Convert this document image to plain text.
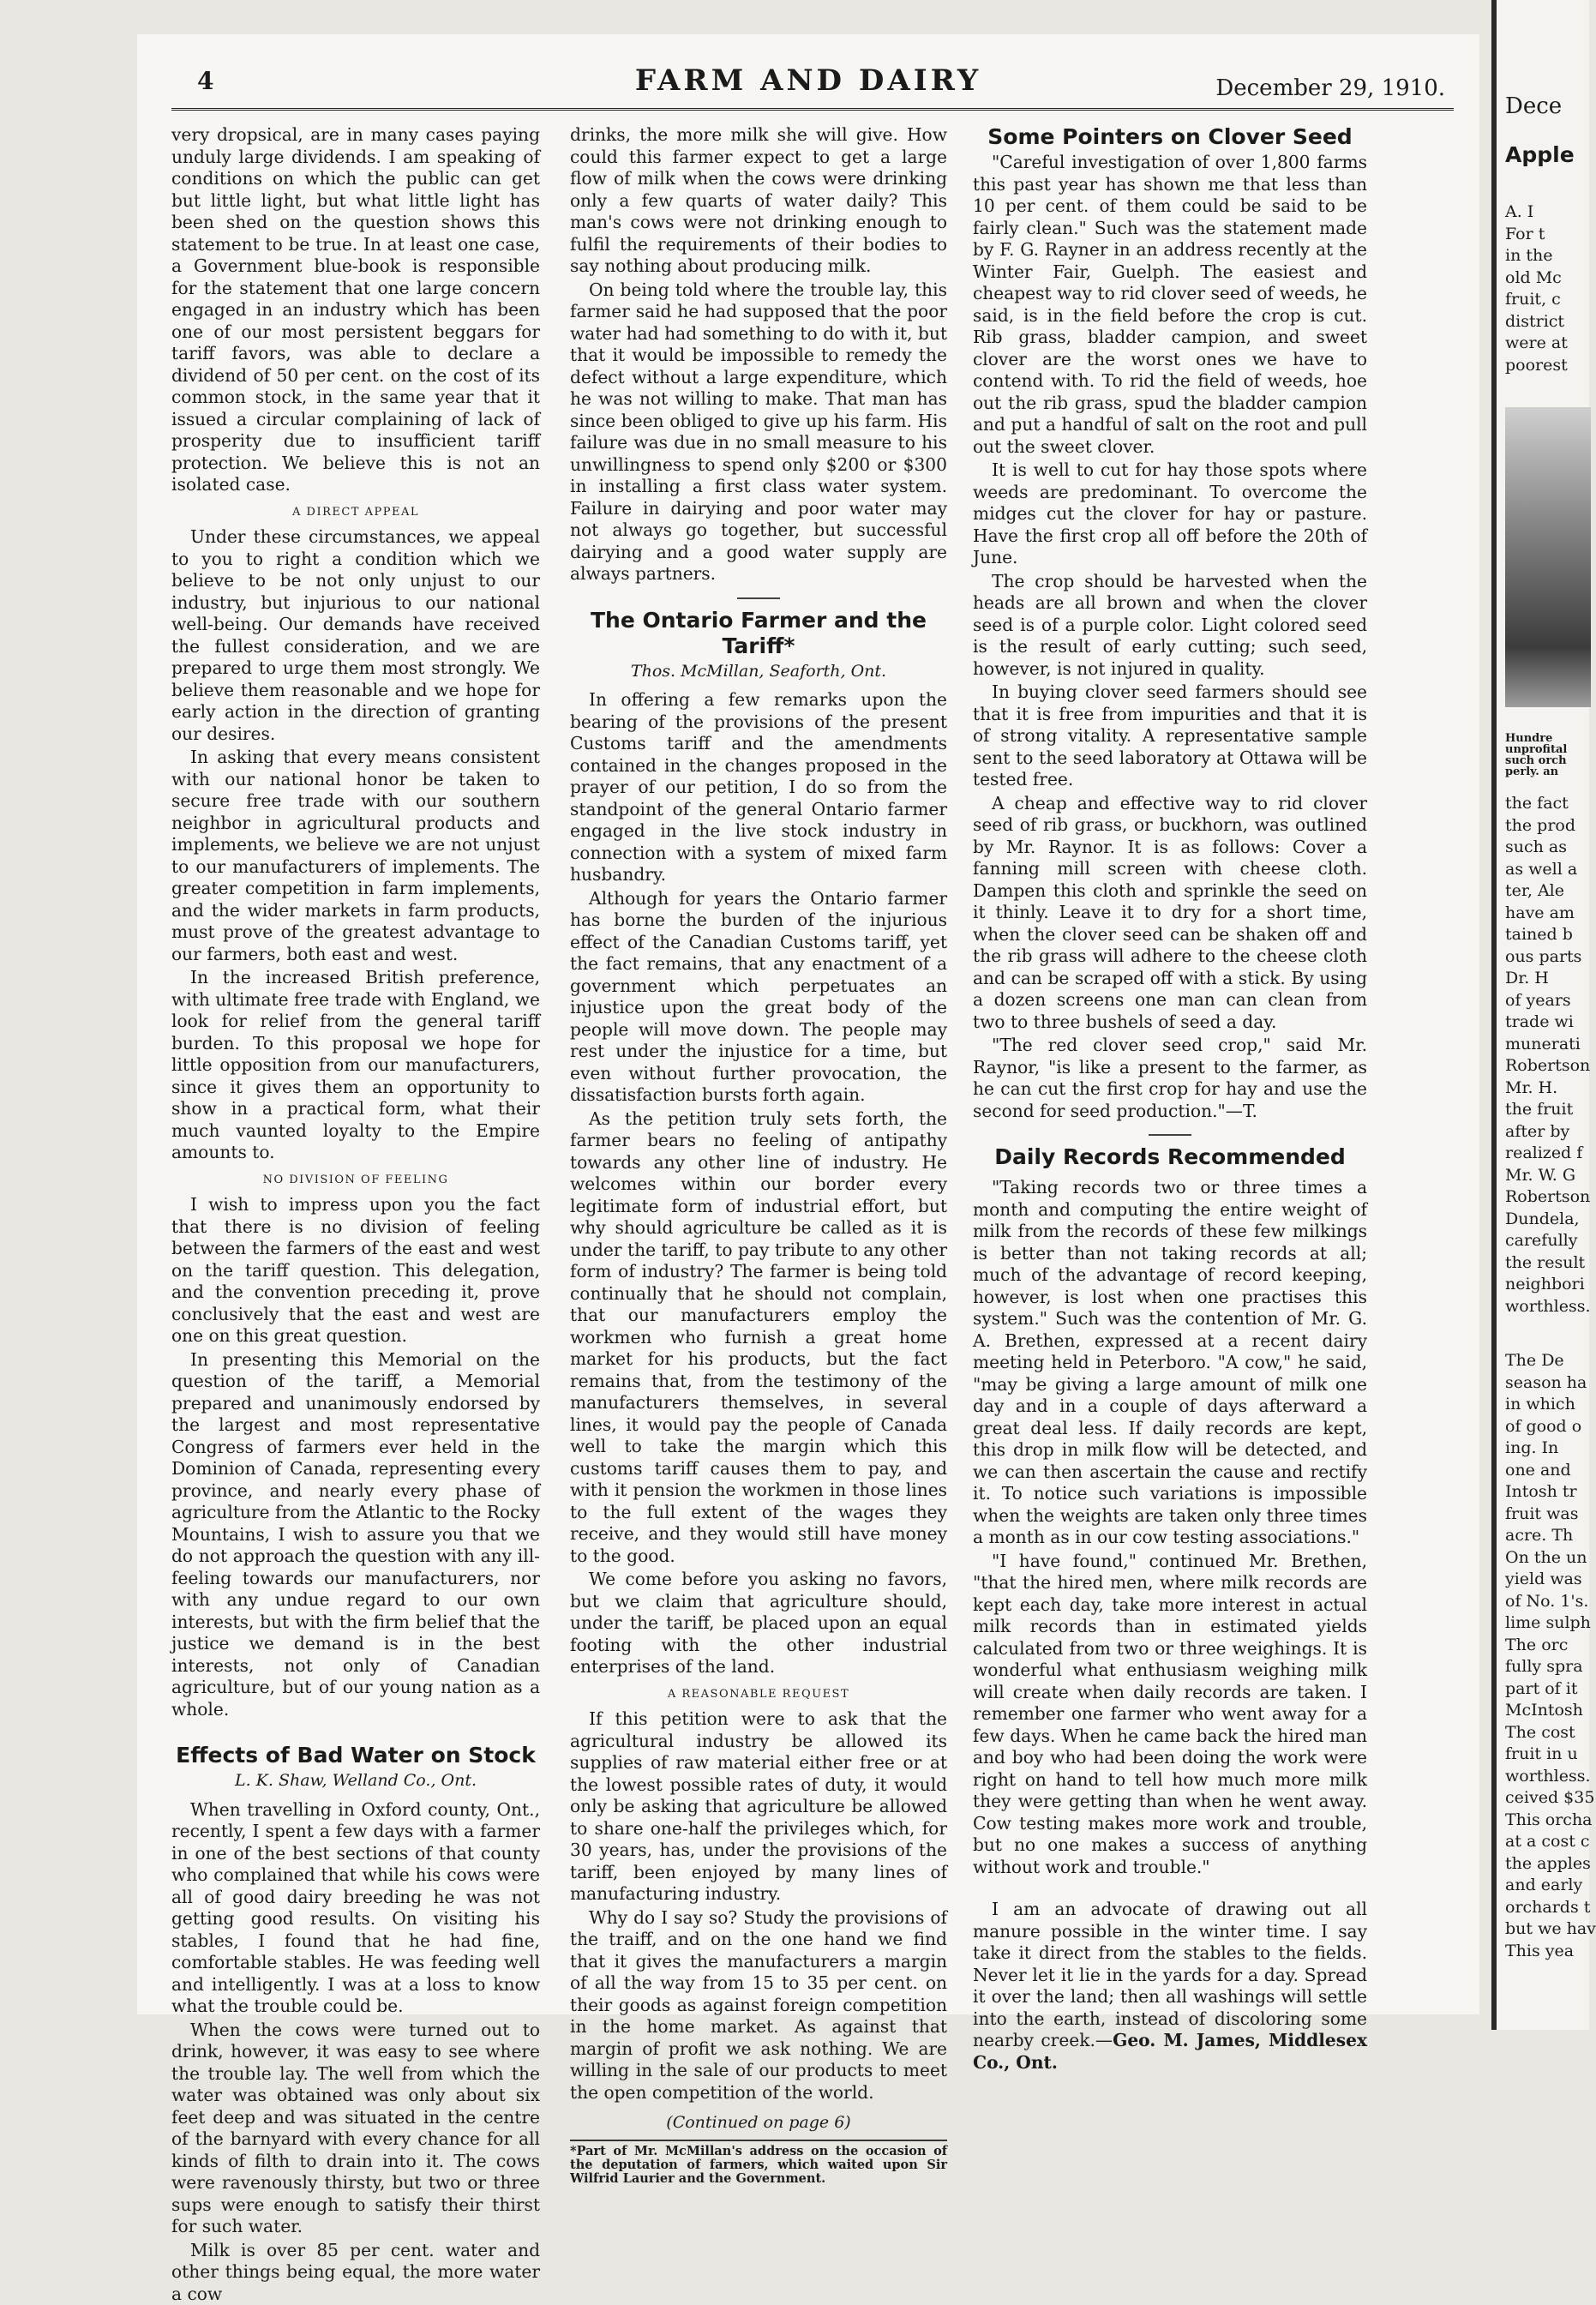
4	FARM AND DAIRY	December 29, 1910.

very dropsical, are in many cases paying unduly large dividends. I am speaking of conditions on which the public can get but little light, but what little light has been shed on the question shows this statement to be true. In at least one case, a Government blue-book is responsible for the statement that one large concern engaged in an industry which has been one of our most persistent beggars for tariff favors, was able to declare a dividend of 50 per cent. on the cost of its common stock, in the same year that it issued a circular complaining of lack of prosperity due to insufficient tariff protection. We believe this is not an isolated case.

A DIRECT APPEAL

Under these circumstances, we appeal to you to right a condition which we believe to be not only unjust to our industry, but injurious to our national well-being. Our demands have received the fullest consideration, and we are prepared to urge them most strongly. We believe them reasonable and we hope for early action in the direction of granting our desires.

In asking that every means consistent with our national honor be taken to secure free trade with our southern neighbor in agricultural products and implements, we believe we are not unjust to our manufacturers of implements. The greater competition in farm implements, and the wider markets in farm products, must prove of the greatest advantage to our farmers, both east and west.

In the increased British preference, with ultimate free trade with England, we look for relief from the general tariff burden. To this proposal we hope for little opposition from our manufacturers, since it gives them an opportunity to show in a practical form, what their much vaunted loyalty to the Empire amounts to.

NO DIVISION OF FEELING

I wish to impress upon you the fact that there is no division of feeling between the farmers of the east and west on the tariff question. This delegation, and the convention preceding it, prove conclusively that the east and west are one on this great question.

In presenting this Memorial on the question of the tariff, a Memorial prepared and unanimously endorsed by the largest and most representative Congress of farmers ever held in the Dominion of Canada, representing every province, and nearly every phase of agriculture from the Atlantic to the Rocky Mountains, I wish to assure you that we do not approach the question with any ill-feeling towards our manufacturers, nor with any undue regard to our own interests, but with the firm belief that the justice we demand is in the best interests, not only of Canadian agriculture, but of our young nation as a whole.

Effects of Bad Water on Stock
L. K. Shaw, Welland Co., Ont.

When travelling in Oxford county, Ont., recently, I spent a few days with a farmer in one of the best sections of that county who complained that while his cows were all of good dairy breeding he was not getting good results. On visiting his stables, I found that he had fine, comfortable stables. He was feeding well and intelligently. I was at a loss to know what the trouble could be.

When the cows were turned out to drink, however, it was easy to see where the trouble lay. The well from which the water was obtained was only about six feet deep and was situated in the centre of the barnyard with every chance for all kinds of filth to drain into it. The cows were ravenously thirsty, but two or three sups were enough to satisfy their thirst for such water.

Milk is over 85 per cent. water and other things being equal, the more water a cow

drinks, the more milk she will give. How could this farmer expect to get a large flow of milk when the cows were drinking only a few quarts of water daily? This man's cows were not drinking enough to fulfil the requirements of their bodies to say nothing about producing milk.

On being told where the trouble lay, this farmer said he had supposed that the poor water had had something to do with it, but that it would be impossible to remedy the defect without a large expenditure, which he was not willing to make. That man has since been obliged to give up his farm. His failure was due in no small measure to his unwillingness to spend only $200 or $300 in installing a first class water system. Failure in dairying and poor water may not always go together, but successful dairying and a good water supply are always partners.

The Ontario Farmer and the Tariff*
Thos. McMillan, Seaforth, Ont.

In offering a few remarks upon the bearing of the provisions of the present Customs tariff and the amendments contained in the changes proposed in the prayer of our petition, I do so from the standpoint of the general Ontario farmer engaged in the live stock industry in connection with a system of mixed farm husbandry.

Although for years the Ontario farmer has borne the burden of the injurious effect of the Canadian Customs tariff, yet the fact remains, that any enactment of a government which perpetuates an injustice upon the great body of the people will move down. The people may rest under the injustice for a time, but even without further provocation, the dissatisfaction bursts forth again.

As the petition truly sets forth, the farmer bears no feeling of antipathy towards any other line of industry. He welcomes within our border every legitimate form of industrial effort, but why should agriculture be called as it is under the tariff, to pay tribute to any other form of industry? The farmer is being told continually that he should not complain, that our manufacturers employ the workmen who furnish a great home market for his products, but the fact remains that, from the testimony of the manufacturers themselves, in several lines, it would pay the people of Canada well to take the margin which this customs tariff causes them to pay, and with it pension the workmen in those lines to the full extent of the wages they receive, and they would still have money to the good.

We come before you asking no favors, but we claim that agriculture should, under the tariff, be placed upon an equal footing with the other industrial enterprises of the land.

A REASONABLE REQUEST

If this petition were to ask that the agricultural industry be allowed its supplies of raw material either free or at the lowest possible rates of duty, it would only be asking that agriculture be allowed to share one-half the privileges which, for 30 years, has, under the provisions of the tariff, been enjoyed by many lines of manufacturing industry.

Why do I say so? Study the provisions of the traiff, and on the one hand we find that it gives the manufacturers a margin of all the way from 15 to 35 per cent. on their goods as against foreign competition in the home market. As against that margin of profit we ask nothing. We are willing in the sale of our products to meet the open competition of the world.

(Continued on page 6)
*Part of Mr. McMillan's address on the occasion of the deputation of farmers, which waited upon Sir Wilfrid Laurier and the Government.
Some Pointers on Clover Seed

"Careful investigation of over 1,800 farms this past year has shown me that less than 10 per cent. of them could be said to be fairly clean." Such was the statement made by F. G. Rayner in an address recently at the Winter Fair, Guelph. The easiest and cheapest way to rid clover seed of weeds, he said, is in the field before the crop is cut. Rib grass, bladder campion, and sweet clover are the worst ones we have to contend with. To rid the field of weeds, hoe out the rib grass, spud the bladder campion and put a handful of salt on the root and pull out the sweet clover.

It is well to cut for hay those spots where weeds are predominant. To overcome the midges cut the clover for hay or pasture. Have the first crop all off before the 20th of June.

The crop should be harvested when the heads are all brown and when the clover seed is of a purple color. Light colored seed is the result of early cutting; such seed, however, is not injured in quality.

In buying clover seed farmers should see that it is free from impurities and that it is of strong vitality. A representative sample sent to the seed laboratory at Ottawa will be tested free.

A cheap and effective way to rid clover seed of rib grass, or buckhorn, was outlined by Mr. Raynor. It is as follows: Cover a fanning mill screen with cheese cloth. Dampen this cloth and sprinkle the seed on it thinly. Leave it to dry for a short time, when the clover seed can be shaken off and the rib grass will adhere to the cheese cloth and can be scraped off with a stick. By using a dozen screens one man can clean from two to three bushels of seed a day.

"The red clover seed crop," said Mr. Raynor, "is like a present to the farmer, as he can cut the first crop for hay and use the second for seed production."—T.

Daily Records Recommended

"Taking records two or three times a month and computing the entire weight of milk from the records of these few milkings is better than not taking records at all; much of the advantage of record keeping, however, is lost when one practises this system." Such was the contention of Mr. G. A. Brethen, expressed at a recent dairy meeting held in Peterboro. "A cow," he said, "may be giving a large amount of milk one day and in a couple of days afterward a great deal less. If daily records are kept, this drop in milk flow will be detected, and we can then ascertain the cause and rectify it. To notice such variations is impossible when the weights are taken only three times a month as in our cow testing associations."

"I have found," continued Mr. Brethen, "that the hired men, where milk records are kept each day, take more interest in actual milk records than in estimated yields calculated from two or three weighings. It is wonderful what enthusiasm weighing milk will create when daily records are taken. I remember one farmer who went away for a few days. When he came back the hired man and boy who had been doing the work were right on hand to tell how much more milk they were getting than when he went away. Cow testing makes more work and trouble, but no one makes a success of anything without work and trouble."

I am an advocate of drawing out all manure possible in the winter time. I say take it direct from the stables to the fields. Never let it lie in the yards for a day. Spread it over the land; then all washings will settle into the earth, instead of discoloring some nearby creek.—Geo. M. James, Middlesex Co., Ont.

Dece
Apple
A. I
For t
in the
old Mc
fruit, c
district
were at
poorest
Hundre
unprofital
such orch
perly. an
the fact
the prod
such as
as well a
ter, Ale
have am
tained b
ous parts
Dr. H
of years
trade wi
munerati
Robertson
Mr. H.
the fruit
after by
realized f
Mr. W. G
Robertson
Dundela,
carefully
the result
neighbori
worthless.
The De
season ha
in which
of good o
ing. In
one and
Intosh tr
fruit was
acre. Th
On the un
yield was
of No. 1's.
lime sulph
The orc
fully spra
part of it
McIntosh
The cost
fruit in u
worthless.
ceived $35
This orcha
at a cost c
the apples
and early
orchards t
but we hav
This yea
